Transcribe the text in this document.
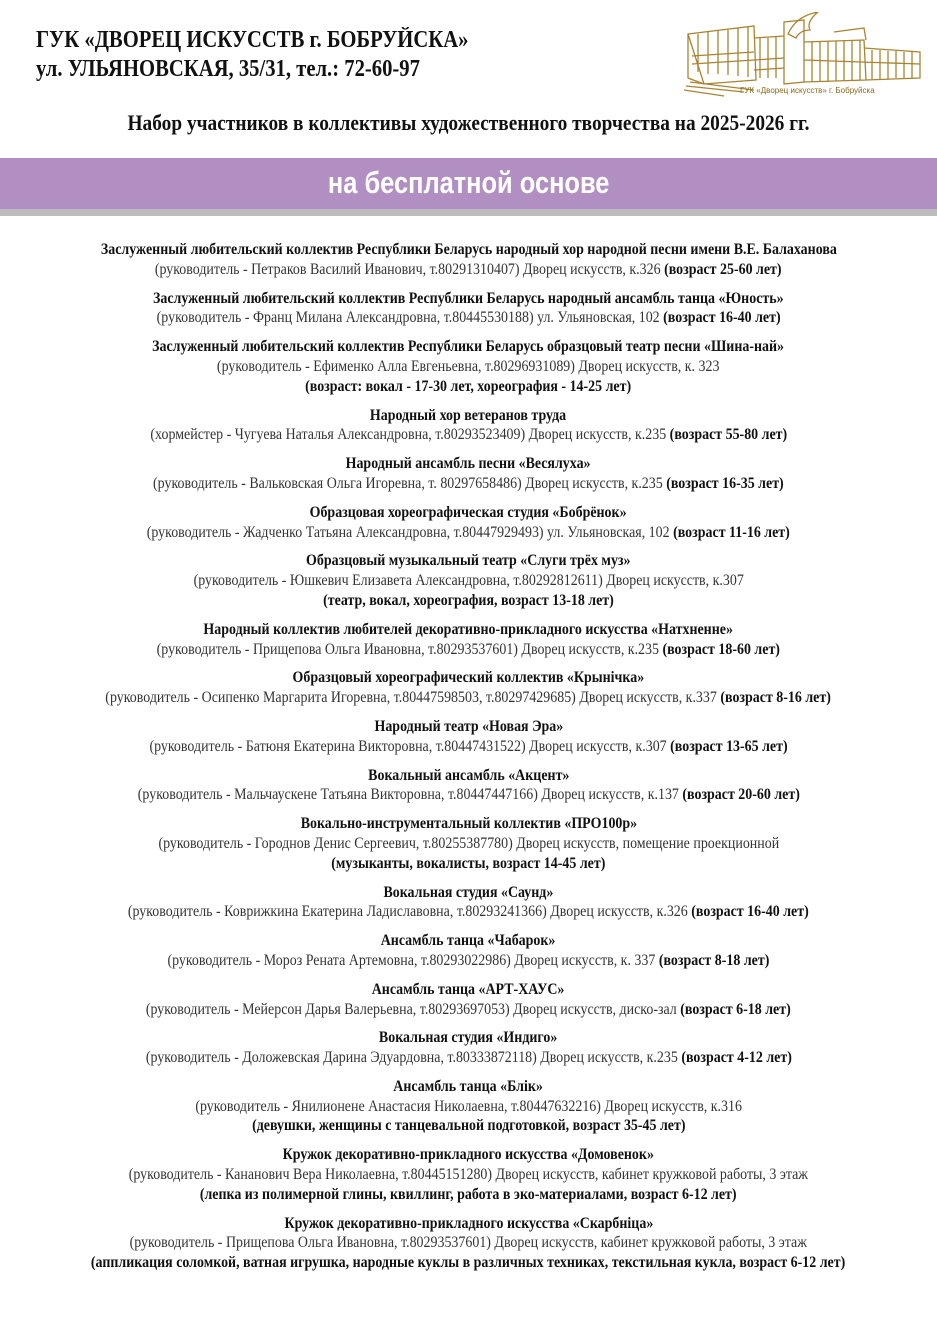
ГУК «ДВОРЕЦ ИСКУССТВ г. БОБРУЙСКА»
ул. УЛЬЯНОВСКАЯ, 35/31, тел.: 72-60-97
ГУК «Дворец искусств» г. Бобруйска
Набор участников в коллективы художественного творчества на 2025-2026 гг.
на бесплатной основе
Заслуженный любительский коллектив Республики Беларусь народный хор народной песни имени В.Е. Балаханова
(руководитель - Петраков Василий Иванович, т.80291310407) Дворец искусств, к.326 (возраст 25-60 лет)
Заслуженный любительский коллектив Республики Беларусь народный ансамбль танца «Юность»
(руководитель - Франц Милана Александровна, т.80445530188) ул. Ульяновская, 102 (возраст 16-40 лет)
Заслуженный любительский коллектив Республики Беларусь образцовый театр песни «Шина-най»
(руководитель - Ефименко Алла Евгеньевна, т.80296931089) Дворец искусств, к. 323
(возраст: вокал - 17-30 лет, хореография - 14-25 лет)
Народный хор ветеранов труда
(хормейстер - Чугуева Наталья Александровна, т.80293523409) Дворец искусств, к.235 (возраст 55-80 лет)
Народный ансамбль песни «Весялуха»
(руководитель - Вальковская Ольга Игоревна, т. 80297658486) Дворец искусств, к.235 (возраст 16-35 лет)
Образцовая хореографическая студия «Бобрёнок»
(руководитель - Жадченко Татьяна Александровна, т.80447929493) ул. Ульяновская, 102 (возраст 11-16 лет)
Образцовый музыкальный театр «Слуги трёх муз»
(руководитель - Юшкевич Елизавета Александровна, т.80292812611) Дворец искусств, к.307
(театр, вокал, хореография, возраст 13-18 лет)
Народный коллектив любителей декоративно-прикладного искусства «Натхненне»
(руководитель - Прищепова Ольга Ивановна, т.80293537601) Дворец искусств, к.235 (возраст 18-60 лет)
Образцовый хореографический коллектив «Крынічка»
(руководитель - Осипенко Маргарита Игоревна, т.80447598503, т.80297429685) Дворец искусств, к.337 (возраст 8-16 лет)
Народный театр «Новая Эра»
(руководитель - Батюня Екатерина Викторовна, т.80447431522) Дворец искусств, к.307 (возраст 13-65 лет)
Вокальный ансамбль «Акцент»
(руководитель - Мальчаускене Татьяна Викторовна, т.80447447166) Дворец искусств, к.137 (возраст 20-60 лет)
Вокально-инструментальный коллектив «ПРО100р»
(руководитель - Городнов Денис Сергеевич, т.80255387780) Дворец искусств, помещение проекционной
(музыканты, вокалисты, возраст 14-45 лет)
Вокальная студия «Саунд»
(руководитель - Коврижкина Екатерина Ладиславовна, т.80293241366) Дворец искусств, к.326 (возраст 16-40 лет)
Ансамбль танца «Чабарок»
(руководитель - Мороз Рената Артемовна, т.80293022986) Дворец искусств, к. 337 (возраст 8-18 лет)
Ансамбль танца «АРТ-ХАУС»
(руководитель - Мейерсон Дарья Валерьевна, т.80293697053) Дворец искусств, диско-зал (возраст 6-18 лет)
Вокальная студия «Индиго»
(руководитель - Доложевская Дарина Эдуардовна, т.80333872118) Дворец искусств, к.235 (возраст 4-12 лет)
Ансамбль танца «Блік»
(руководитель - Янилионене Анастасия Николаевна, т.80447632216) Дворец искусств, к.316
(девушки, женщины с танцевальной подготовкой, возраст 35-45 лет)
Кружок декоративно-прикладного искусства «Домовенок»
(руководитель - Кананович Вера Николаевна, т.80445151280) Дворец искусств, кабинет кружковой работы, 3 этаж
(лепка из полимерной глины, квиллинг, работа в эко-материалами, возраст 6-12 лет)
Кружок декоративно-прикладного искусства «Скарбніца»
(руководитель - Прищепова Ольга Ивановна, т.80293537601) Дворец искусств, кабинет кружковой работы, 3 этаж
(аппликация соломкой, ватная игрушка, народные куклы в различных техниках, текстильная кукла, возраст 6-12 лет)
